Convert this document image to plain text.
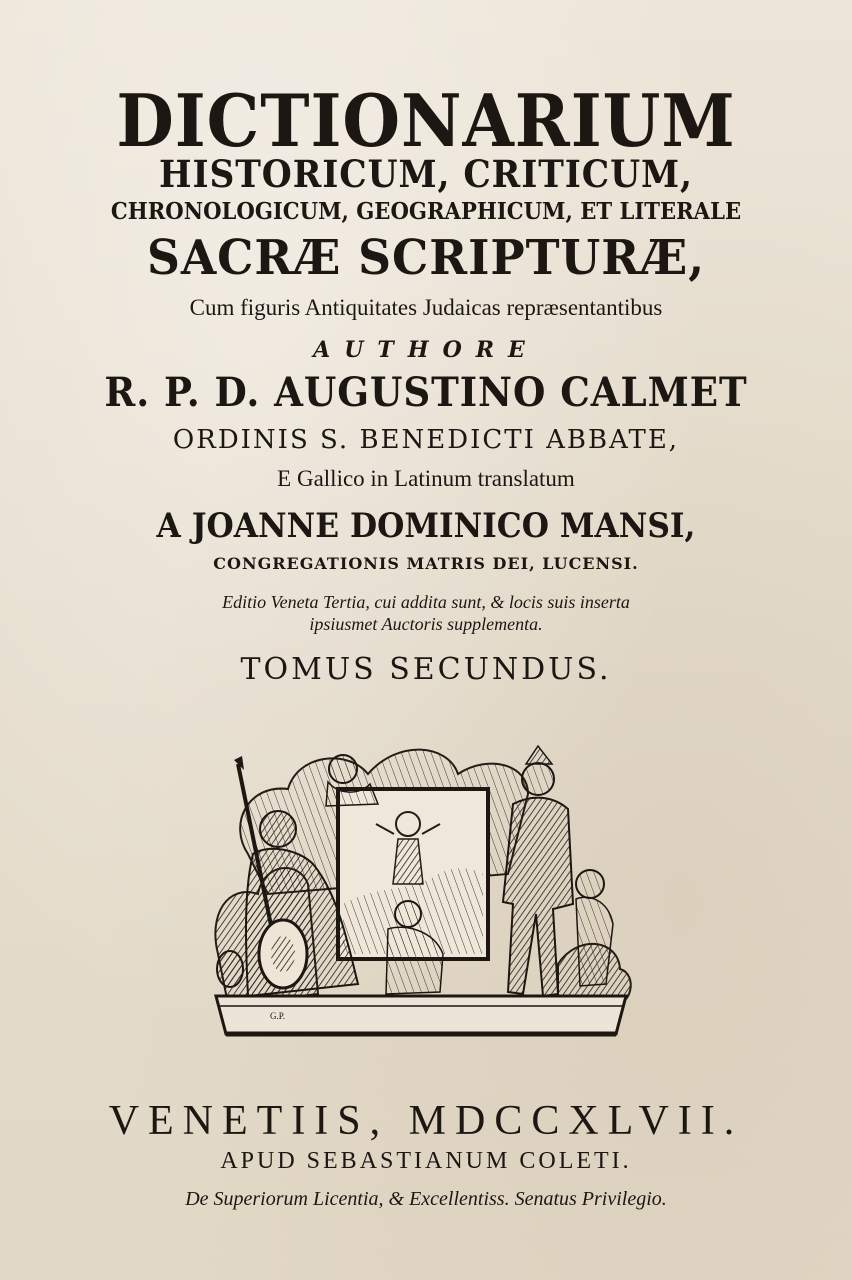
DICTIONARIUM
HISTORICUM, CRITICUM,
CHRONOLOGICUM, GEOGRAPHICUM, ET LITERALE
SACRÆ SCRIPTURÆ,
Cum figuris Antiquitates Judaicas repræsentantibus
AUTHORE
R. P. D. AUGUSTINO CALMET
ORDINIS S. BENEDICTI ABBATE,
E Gallico in Latinum translatum
A JOANNE DOMINICO MANSI,
CONGREGATIONIS MATRIS DEI, LUCENSI.
Editio Veneta Tertia, cui addita sunt, & locis suis inserta
ipsiusmet Auctoris supplementa.
TOMUS SECUNDUS.
G.P.
VENETIIS, MDCCXLVII.
APUD SEBASTIANUM COLETI.
De Superiorum Licentia, & Excellentiss. Senatus Privilegio.
